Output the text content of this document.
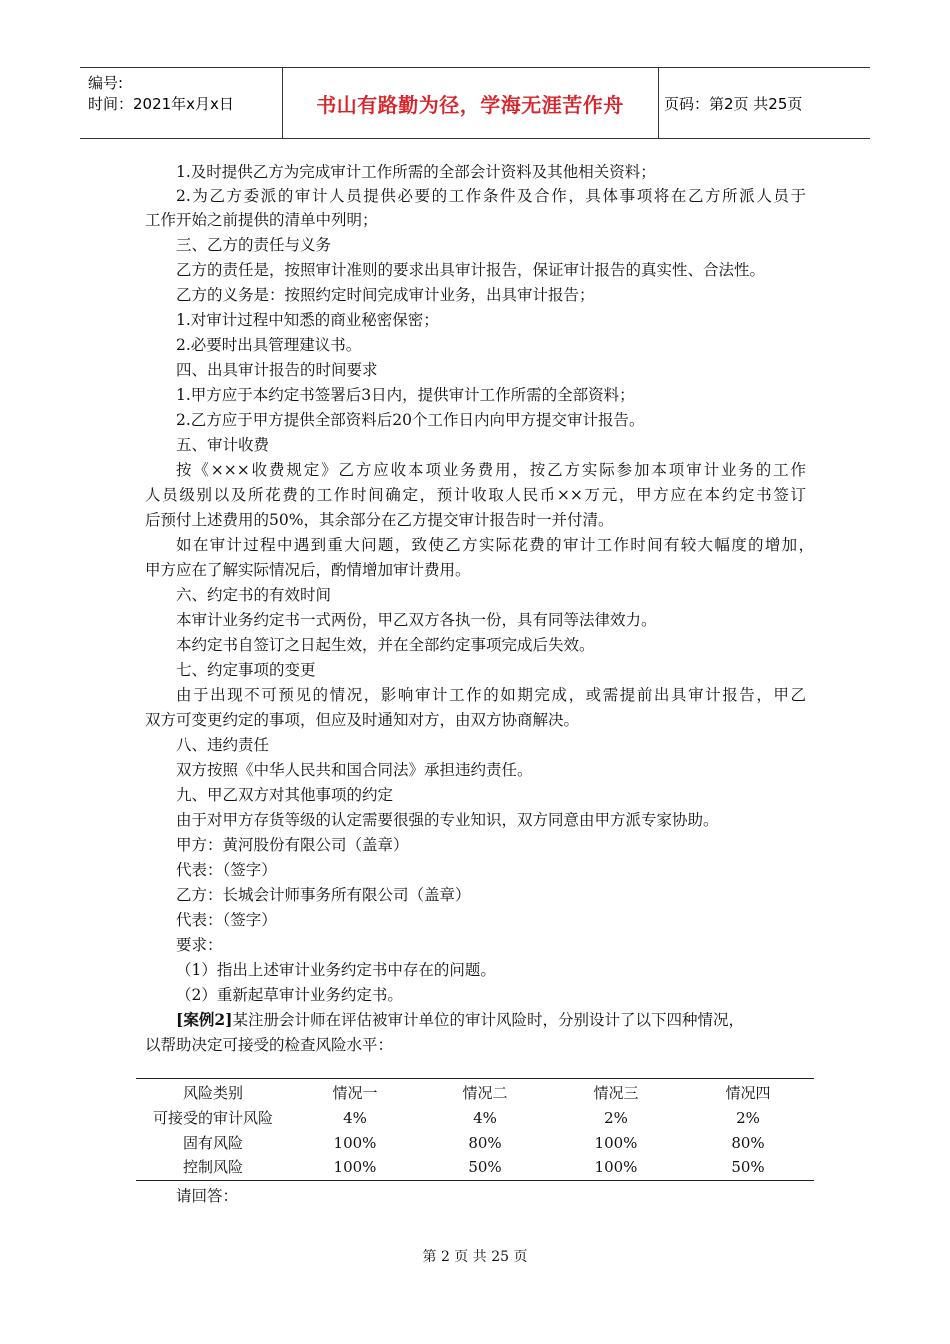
编号:
时间：2021年x月x日	书山有路勤为径，学海无涯苦作舟	页码：第2页 共25页
1.及时提供乙方为完成审计工作所需的全部会计资料及其他相关资料；
2.为乙方委派的审计人员提供必要的工作条件及合作，具体事项将在乙方所派人员于
工作开始之前提供的清单中列明；
三、乙方的责任与义务
乙方的责任是，按照审计准则的要求出具审计报告，保证审计报告的真实性、合法性。
乙方的义务是：按照约定时间完成审计业务，出具审计报告；
1.对审计过程中知悉的商业秘密保密；
2.必要时出具管理建议书。
四、出具审计报告的时间要求
1.甲方应于本约定书签署后3日内，提供审计工作所需的全部资料；
2.乙方应于甲方提供全部资料后20个工作日内向甲方提交审计报告。
五、审计收费
按《×××收费规定》乙方应收本项业务费用，按乙方实际参加本项审计业务的工作
人员级别以及所花费的工作时间确定，预计收取人民币××万元，甲方应在本约定书签订
后预付上述费用的50%，其余部分在乙方提交审计报告时一并付清。
如在审计过程中遇到重大问题，致使乙方实际花费的审计工作时间有较大幅度的增加，
甲方应在了解实际情况后，酌情增加审计费用。
六、约定书的有效时间
本审计业务约定书一式两份，甲乙双方各执一份，具有同等法律效力。
本约定书自签订之日起生效，并在全部约定事项完成后失效。
七、约定事项的变更
由于出现不可预见的情况，影响审计工作的如期完成，或需提前出具审计报告，甲乙
双方可变更约定的事项，但应及时通知对方，由双方协商解决。
八、违约责任
双方按照《中华人民共和国合同法》承担违约责任。
九、甲乙双方对其他事项的约定
由于对甲方存货等级的认定需要很强的专业知识，双方同意由甲方派专家协助。
甲方：黄河股份有限公司（盖章）
代表：（签字）
乙方：长城会计师事务所有限公司（盖章）
代表：（签字）
要求：
（1）指出上述审计业务约定书中存在的问题。
（2）重新起草审计业务约定书。
[案例2]某注册会计师在评估被审计单位的审计风险时，分别设计了以下四种情况，
以帮助决定可接受的检查风险水平：
风险类别	情况一	情况二	情况三	情况四
可接受的审计风险	4%	4%	2%	2%
固有风险	100%	80%	100%	80%
控制风险	100%	50%	100%	50%
请回答：
第 2 页 共 25 页
